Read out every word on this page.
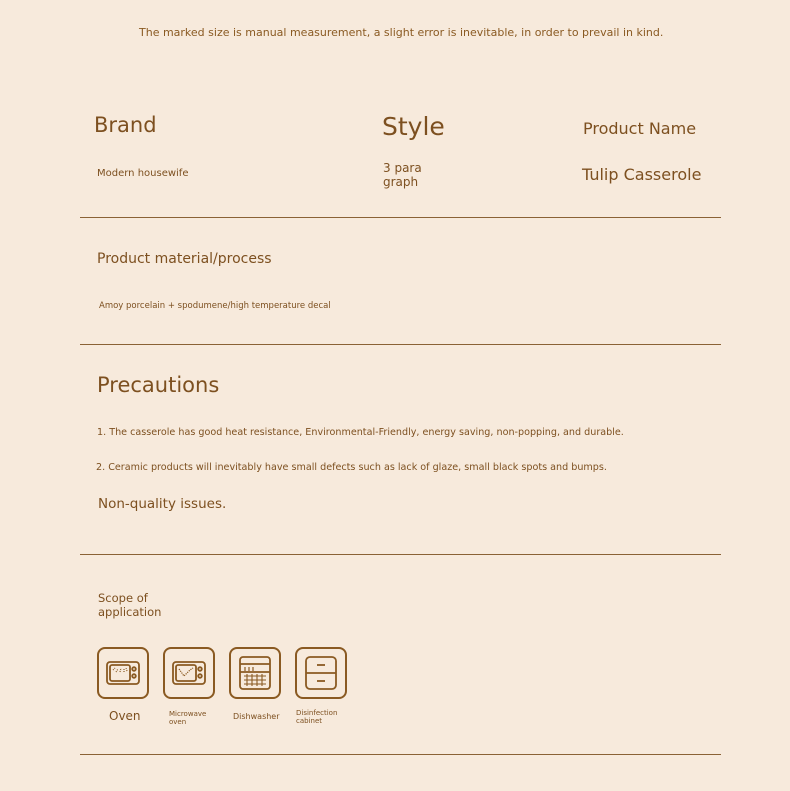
The marked size is manual measurement, a slight error is inevitable, in order to prevail in kind.
Brand
Modern housewife
Style
3 para
graph
Product Name
Tulip Casserole
Product material/process
Amoy porcelain + spodumene/high temperature decal
Precautions
1. The casserole has good heat resistance, Environmental-Friendly, energy saving, non-popping, and durable.
2. Ceramic products will inevitably have small defects such as lack of glaze, small black spots and bumps.
Non-quality issues.
Scope of
application
Oven	Microwave
oven
Dishwasher Disinfection
cabinet
